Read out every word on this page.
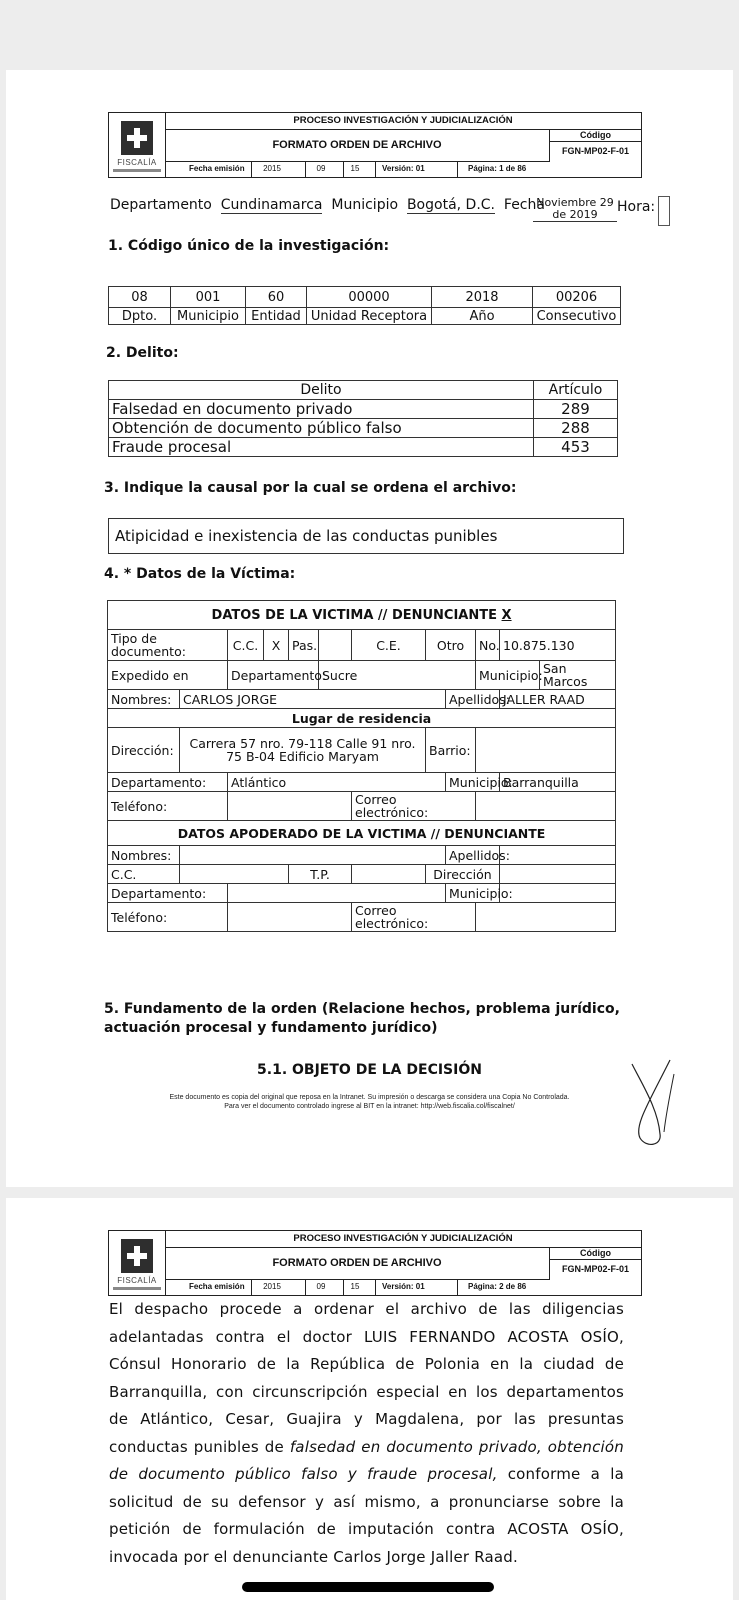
FISCALÍA
PROCESO INVESTIGACIÓN Y JUDICIALIZACIÓN
FORMATO ORDEN DE ARCHIVO
Código
FGN-MP02-F-01
Fecha emisión	2015	09	15	Versión: 01	Página: 1 de 86
Departamento Cundinamarca Municipio Bogotá, D.C. Fecha
Noviembre 29
de 2019	Hora:
1. Código único de la investigación:
08	001	60	00000	2018	00206
Dpto.	Municipio	Entidad	Unidad Receptora	Año	Consecutivo
2. Delito:
Delito	Artículo
Falsedad en documento privado	289
Obtención de documento público falso	288
Fraude procesal	453
3. Indique la causal por la cual se ordena el archivo:
Atipicidad e inexistencia de las conductas punibles
4. * Datos de la Víctima:
DATOS DE LA VICTIMA // DENUNCIANTE X											
Tipo de documento:		C.C.	X	Pas.		C.E.	Otro		No.	10.875.130	
Expedido en		Departamento:			Sucre				Municipio:		San Marcos
Nombres:	CARLOS JORGE							Apellidos:		JALLER RAAD	
Lugar de residencia											
Dirección:	Carrera 57 nro. 79-118 Calle 91 nro. 75 B-04 Edificio Maryam						Barrio:				
Departamento:		Atlántico						Municipio:		Barranquilla	
Teléfono:						Correo electrónico:					
DATOS APODERADO DE LA VICTIMA // DENUNCIANTE											
Nombres:								Apellidos:			
C.C.				T.P.			Dirección				
Departamento:								Municipio:			
Teléfono:						Correo electrónico:					
5. Fundamento de la orden (Relacione hechos, problema jurídico, actuación procesal y fundamento jurídico)
5.1. OBJETO DE LA DECISIÓN
Este documento es copia del original que reposa en la Intranet. Su impresión o descarga se considera una Copia No Controlada.
Para ver el documento controlado ingrese al BIT en la intranet: http://web.fiscalia.col/fiscalnet/
FISCALÍA
PROCESO INVESTIGACIÓN Y JUDICIALIZACIÓN
FORMATO ORDEN DE ARCHIVO
Código
FGN-MP02-F-01
Fecha emisión	2015	09	15	Versión: 01	Página: 2 de 86
El despacho procede a ordenar el archivo de las diligencias adelantadas contra el doctor LUIS FERNANDO ACOSTA OSÍO, Cónsul Honorario de la República de Polonia en la ciudad de Barranquilla, con circunscripción especial en los departamentos de Atlántico, Cesar, Guajira y Magdalena, por las presuntas conductas punibles de falsedad en documento privado, obtención de documento público falso y fraude procesal, conforme a la solicitud de su defensor y así mismo, a pronunciarse sobre la petición de formulación de imputación contra ACOSTA OSÍO, invocada por el denunciante Carlos Jorge Jaller Raad.
